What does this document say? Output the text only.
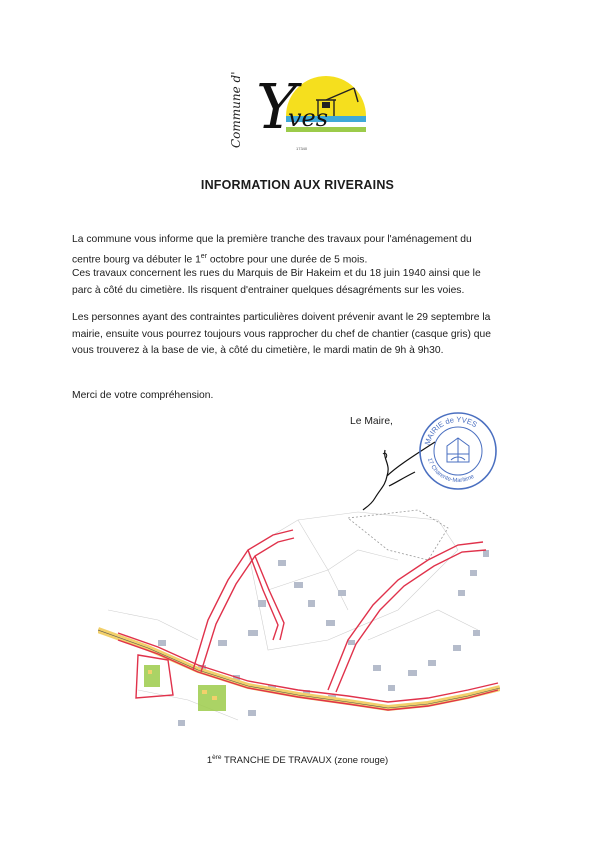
Commune d' Y
ves
17340
INFORMATION AUX RIVERAINS
La commune vous informe que la première tranche des travaux pour l'aménagement du
centre bourg va débuter le 1er octobre pour une durée de 5 mois.
Ces travaux concernent les rues du Marquis de Bir Hakeim et du 18 juin 1940 ainsi que le
parc à côté du cimetière. Ils risquent d'entrainer quelques désagréments sur les voies.
Les personnes ayant des contraintes particulières doivent prévenir avant le 29 septembre la
mairie, ensuite vous pourrez toujours vous rapprocher du chef de chantier (casque gris) que
vous trouverez à la base de vie, à côté du cimetière, le mardi matin de 9h à 9h30.
Merci de votre compréhension.
Le Maire,
MAIRIE de YVES
17 Charente-Maritime
1ère TRANCHE DE TRAVAUX (zone rouge)
